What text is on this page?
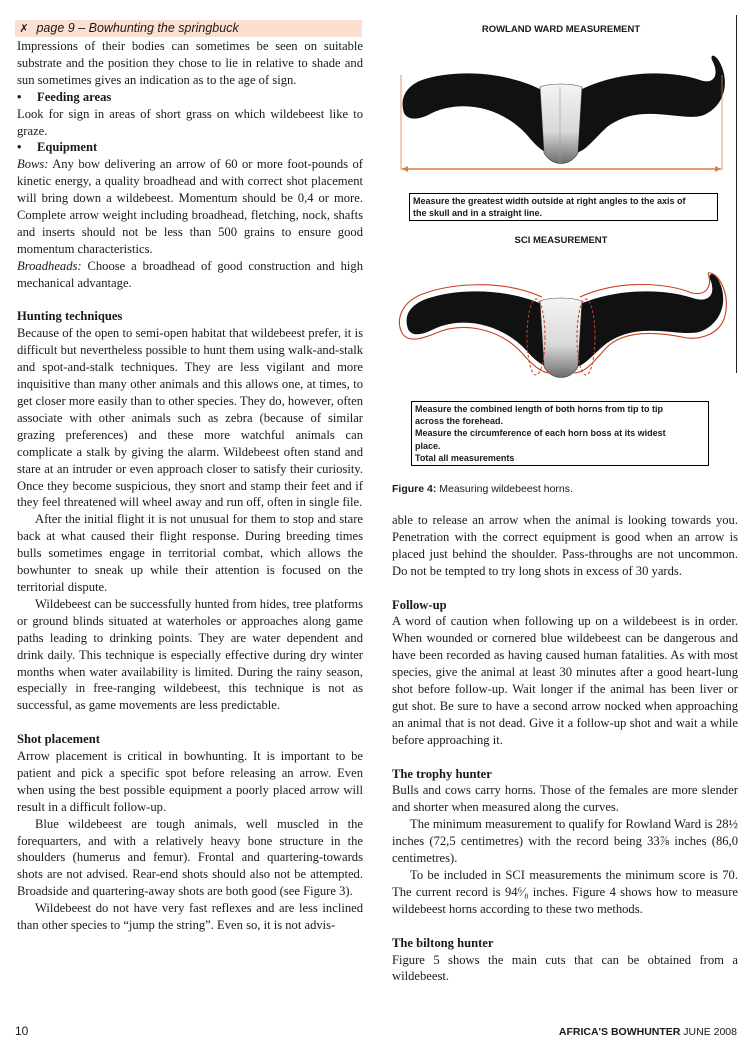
✗ page 9 – Bowhunting the springbuck

Impressions of their bodies can sometimes be seen on suitable substrate and the position they chose to lie in relative to shade and sun sometimes gives an indication as to the age of sign.

• Feeding areas

Look for sign in areas of short grass on which wildebeest like to graze.

• Equipment

Bows: Any bow delivering an arrow of 60 or more foot-pounds of kinetic energy, a quality broadhead and with correct shot placement will bring down a wildebeest. Momentum should be 0,4 or more. Complete arrow weight including broadhead, fletching, nock, shafts and inserts should not be less than 500 grains to ensure good momentum characteristics.

Broadheads: Choose a broadhead of good construction and high mechanical advantage.

Hunting techniques

Because of the open to semi-open habitat that wildebeest prefer, it is difficult but nevertheless possible to hunt them using walk-and-stalk and spot-and-stalk techniques. They are less vigilant and more inquisitive than many other animals and this allows one, at times, to get closer more easily than to other species. They do, however, often associate with other animals such as zebra (because of similar grazing preferences) and these more watchful animals can complicate a stalk by giving the alarm. Wildebeest often stand and stare at an intruder or even approach closer to satisfy their curiosity. Once they become suspicious, they snort and stamp their feet and if they feel threatened will wheel away and run off, often in single file.

After the initial flight it is not unusual for them to stop and stare back at what caused their flight response. During breeding times bulls sometimes engage in territorial combat, which allows the bowhunter to sneak up while their attention is focused on the territorial dispute.

Wildebeest can be successfully hunted from hides, tree platforms or ground blinds situated at waterholes or approaches along game paths leading to drinking points. They are water dependent and drink daily. This technique is especially effective during dry winter months when water availability is limited. During the rainy season, especially in free-ranging wildebeest, this technique is not as successful, as game movements are less predictable.

Shot placement

Arrow placement is critical in bowhunting. It is important to be patient and pick a specific spot before releasing an arrow. Even when using the best possible equipment a poorly placed arrow will result in a difficult follow-up.

Blue wildebeest are tough animals, well muscled in the forequarters, and with a relatively heavy bone structure in the shoulders (humerus and femur). Frontal and quartering-towards shots are not advised. Rear-end shots should also not be attempted. Broadside and quartering-away shots are both good (see Figure 3).

Wildebeest do not have very fast reflexes and are less inclined than other species to “jump the string”. Even so, it is not advis-

ROWLAND WARD MEASUREMENT
Measure the greatest width outside at right angles to the axis of
the skull and in a straight line.
SCI MEASUREMENT
Measure the combined length of both horns from tip to tip
across the forehead.
Measure the circumference of each horn boss at its widest
place.
Total all measurements
Figure 4: Measuring wildebeest horns.

able to release an arrow when the animal is looking towards you. Penetration with the correct equipment is good when an arrow is placed just behind the shoulder. Pass-throughs are not uncommon. Do not be tempted to try long shots in excess of 30 yards.

Follow-up

A word of caution when following up on a wildebeest is in order. When wounded or cornered blue wildebeest can be dangerous and have been recorded as having caused human fatalities. As with most species, give the animal at least 30 minutes after a good heart-lung shot before follow-up. Wait longer if the animal has been liver or gut shot. Be sure to have a second arrow nocked when approaching an animal that is not dead. Give it a follow-up shot and wait a while before approaching it.

The trophy hunter

Bulls and cows carry horns. Those of the females are more slender and shorter when measured along the curves.

The minimum measurement to qualify for Rowland Ward is 28½ inches (72,5 centimetres) with the record being 33⅞ inches (86,0 centimetres).

To be included in SCI measurements the minimum score is 70. The current record is 94⁶⁄₈ inches. Figure 4 shows how to measure wildebeest horns according to these two methods.

The biltong hunter

Figure 5 shows the main cuts that can be obtained from a wildebeest.

10	AFRICA'S BOWHUNTER JUNE 2008
